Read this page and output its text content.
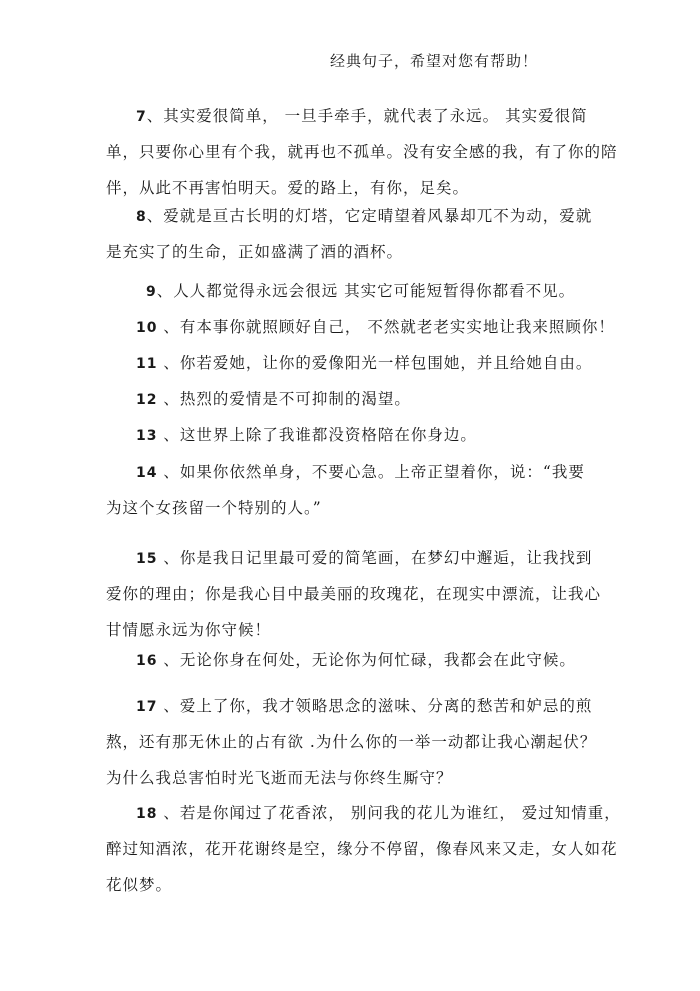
经典句子，希望对您有帮助！
7、其实爱很简单， 一旦手牵手，就代表了永远。 其实爱很简
单，只要你心里有个我，就再也不孤单。没有安全感的我，有了你的陪
伴，从此不再害怕明天。爱的路上，有你，足矣。
8、爱就是亘古长明的灯塔，它定晴望着风暴却兀不为动，爱就
是充实了的生命，正如盛满了酒的酒杯。
9、人人都觉得永远会很远 其实它可能短暂得你都看不见。
10 、有本事你就照顾好自己， 不然就老老实实地让我来照顾你！
11 、你若爱她，让你的爱像阳光一样包围她，并且给她自由。
12 、热烈的爱情是不可抑制的渴望。
13 、这世界上除了我谁都没资格陪在你身边。
14 、如果你依然单身，不要心急。上帝正望着你，说：“我要
为这个女孩留一个特别的人。”
15 、你是我日记里最可爱的简笔画，在梦幻中邂逅，让我找到
爱你的理由；你是我心目中最美丽的玫瑰花，在现实中漂流，让我心
甘情愿永远为你守候！
16 、无论你身在何处，无论你为何忙碌，我都会在此守候。
17 、爱上了你，我才领略思念的滋味、分离的愁苦和妒忌的煎
熬，还有那无休止的占有欲 .为什么你的一举一动都让我心潮起伏？
为什么我总害怕时光飞逝而无法与你终生厮守？
18 、若是你闻过了花香浓， 别问我的花儿为谁红， 爱过知情重，
醉过知酒浓，花开花谢终是空，缘分不停留，像春风来又走，女人如花
花似梦。
